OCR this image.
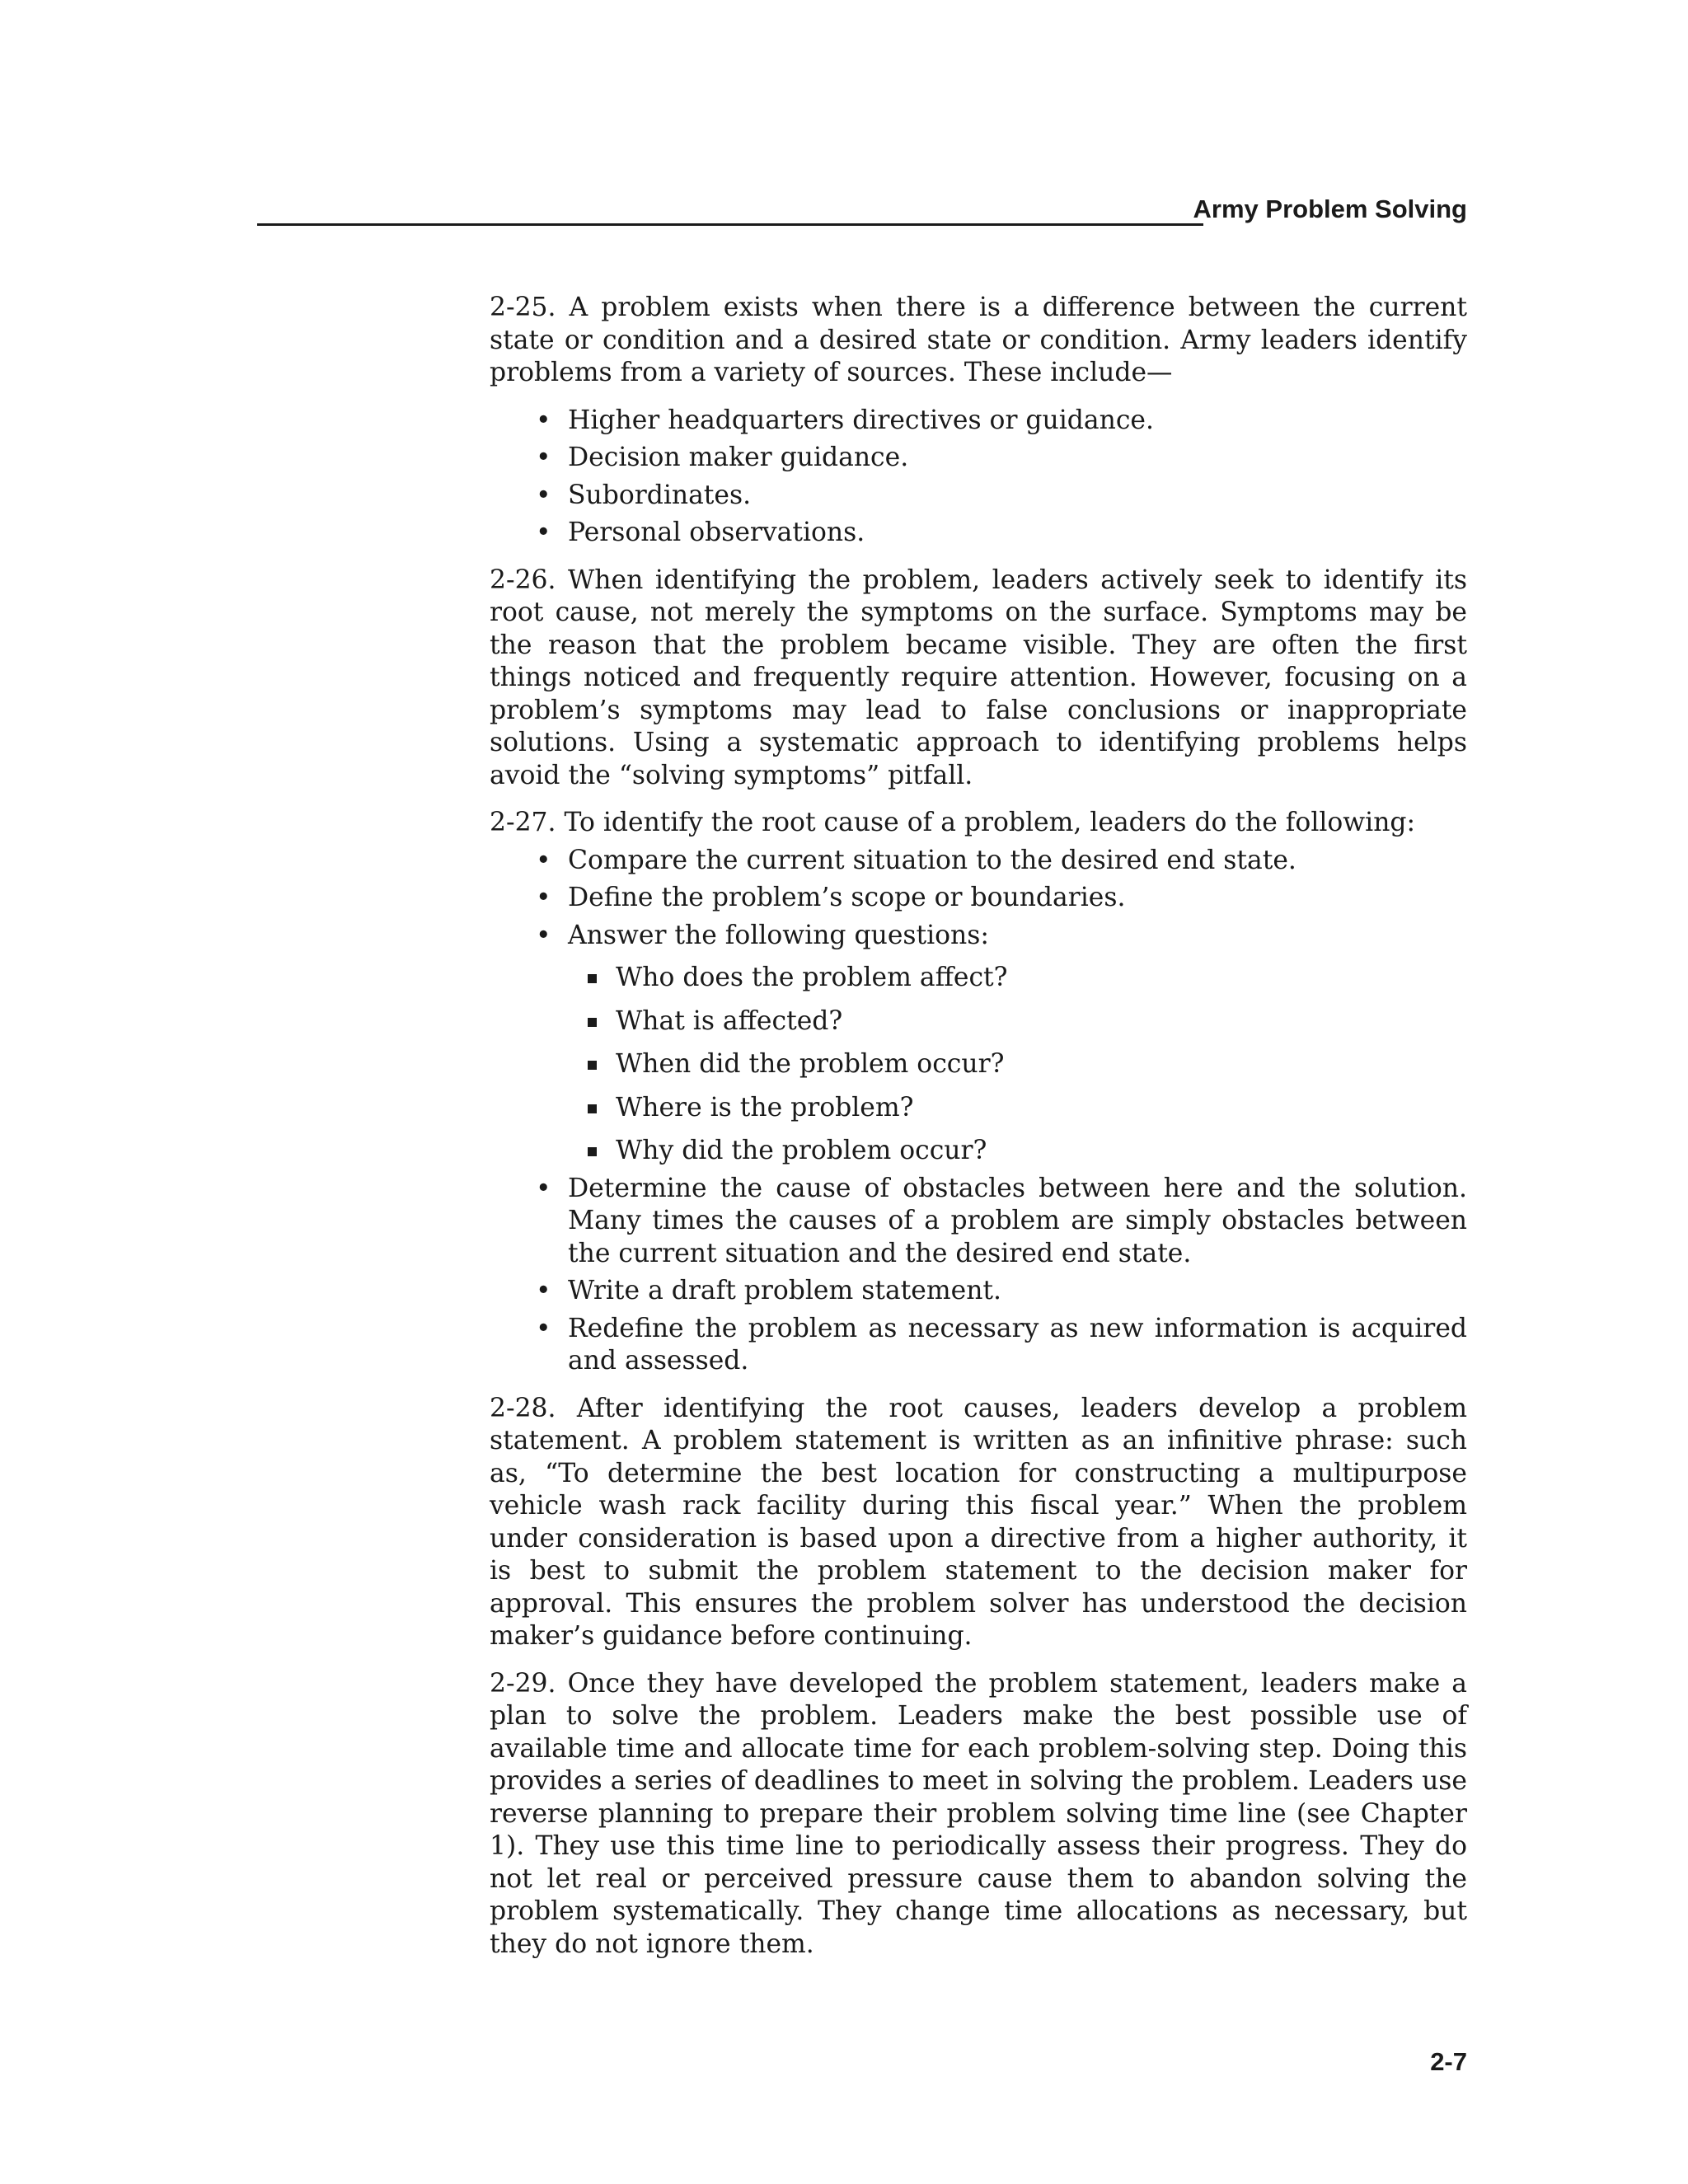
Army Problem Solving

2-25. A problem exists when there is a difference between the current state or condition and a desired state or condition. Army leaders identify problems from a variety of sources. These include—

• Higher headquarters directives or guidance.
• Decision maker guidance.
• Subordinates.
• Personal observations.

2-26. When identifying the problem, leaders actively seek to identify its root cause, not merely the symptoms on the surface. Symptoms may be the reason that the problem became visible. They are often the first things noticed and frequently require attention. However, focusing on a problem’s symptoms may lead to false conclusions or inappropriate solutions. Using a systematic approach to identifying problems helps avoid the “solving symptoms” pitfall.

2-27. To identify the root cause of a problem, leaders do the following:

• Compare the current situation to the desired end state.
• Define the problem’s scope or boundaries.
• Answer the following questions:
Who does the problem affect?
What is affected?
When did the problem occur?
Where is the problem?
Why did the problem occur?
• Determine the cause of obstacles between here and the solution. Many times the causes of a problem are simply obstacles between the current situation and the desired end state.
• Write a draft problem statement.
• Redefine the problem as necessary as new information is acquired and assessed.

2-28. After identifying the root causes, leaders develop a problem statement. A problem statement is written as an infinitive phrase: such as, “To determine the best location for constructing a multipurpose vehicle wash rack facility during this fiscal year.” When the problem under consideration is based upon a directive from a higher authority, it is best to submit the problem statement to the decision maker for approval. This ensures the problem solver has understood the decision maker’s guidance before continuing.

2-29. Once they have developed the problem statement, leaders make a plan to solve the problem. Leaders make the best possible use of available time and allocate time for each problem-solving step. Doing this provides a series of deadlines to meet in solving the problem. Leaders use reverse planning to prepare their problem solving time line (see Chapter 1). They use this time line to periodically assess their progress. They do not let real or perceived pressure cause them to abandon solving the problem systematically. They change time allocations as necessary, but they do not ignore them.

2-7
